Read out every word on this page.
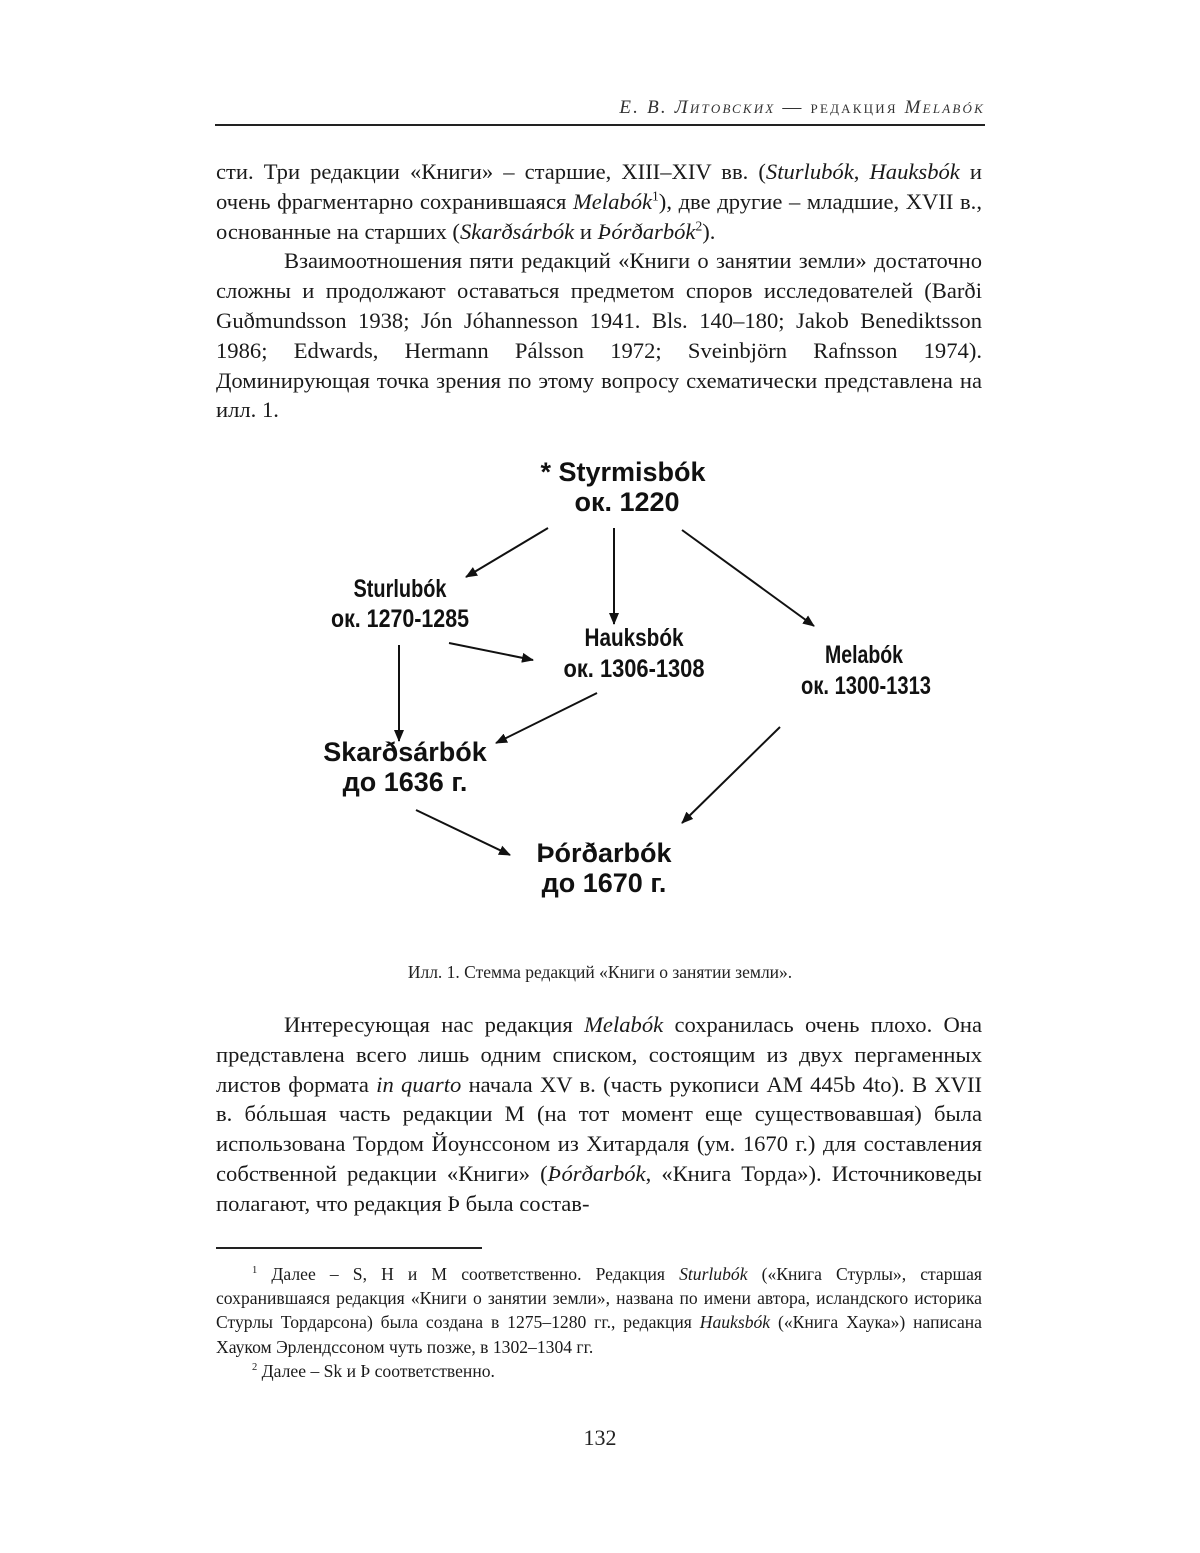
Е. В. Литовских — редакция Melabók

сти. Три редакции «Книги» – старшие, XIII–XIV вв. (Sturlubók, Hauksbók и очень фрагментарно сохранившаяся Melabók$^1$), две другие – младшие, XVII в., основанные на старших (Skarðsárbók и Þórðarbók$^2$).

Взаимоотношения пяти редакций «Книги о занятии земли» достаточно сложны и продолжают оставаться предметом споров исследователей (Barði Guðmundsson 1938; Jón Jóhannesson 1941. Bls. 140–180; Jakob Benediktsson 1986; Edwards, Hermann Pálsson 1972; Sveinbjörn Rafnsson 1974). Доминирующая точка зрения по этому вопросу схематически представлена на илл. 1.

* Styrmisbók
ок. 1220
Sturlubók
ок. 1270-1285
Hauksbók
ок. 1306-1308	Melabók
ок. 1300-1313
Skarðsárbók
до 1636 г.
Þórðarbók
до 1670 г.
Илл. 1. Стемма редакций «Книги о занятии земли».

Интересующая нас редакция Melabók сохранилась очень плохо. Она представлена всего лишь одним списком, состоящим из двух пергаменных листов формата in quarto начала XV в. (часть рукописи AM 445b 4to). В XVII в. бóльшая часть редакции M (на тот момент еще существовавшая) была использована Тордом Йоунссоном из Хитардаля (ум. 1670 г.) для составления собственной редакции «Книги» (Þórðarbók, «Книга Торда»). Источниковеды полагают, что редакция Þ была состав-

$^1$ Далее – S, H и M соответственно. Редакция Sturlubók («Книга Стурлы», старшая сохранившаяся редакция «Книги о занятии земли», названа по имени автора, исландского историка Стурлы Тордарсона) была создана в 1275–1280 гг., редакция Hauksbók («Книга Хаука») написана Хауком Эрлендссоном чуть позже, в 1302–1304 гг.

$^2$ Далее – Sk и Þ соответственно.

132
